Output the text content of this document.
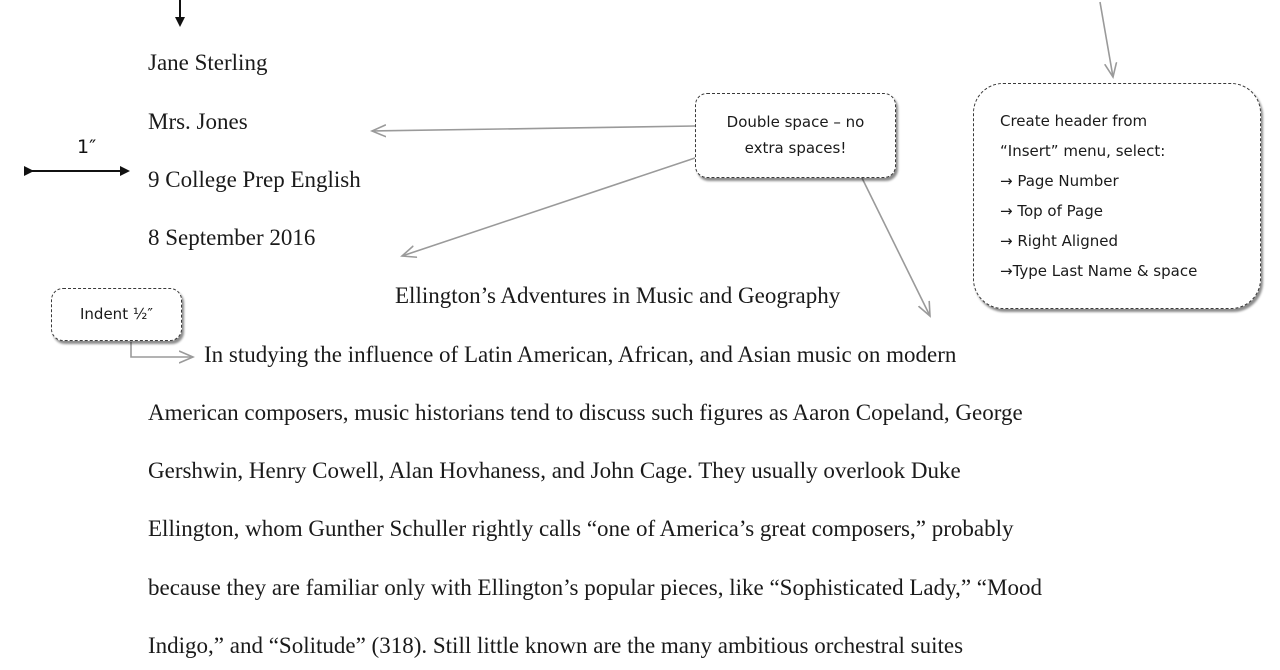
Jane Sterling
Mrs. Jones
9 College Prep English
8 September 2016
Ellington’s Adventures in Music and Geography
In studying the influence of Latin American, African, and Asian music on modern
American composers, music historians tend to discuss such figures as Aaron Copeland, George
Gershwin, Henry Cowell, Alan Hovhaness, and John Cage. They usually overlook Duke
Ellington, whom Gunther Schuller rightly calls “one of America’s great composers,” probably
because they are familiar only with Ellington’s popular pieces, like “Sophisticated Lady,” “Mood
Indigo,” and “Solitude” (318). Still little known are the many ambitious orchestral suites
1″
Double space – no
extra spaces!
Indent ½″
Create header from
“Insert” menu, select:
→ Page Number
→ Top of Page
→ Right Aligned
→Type Last Name & space
